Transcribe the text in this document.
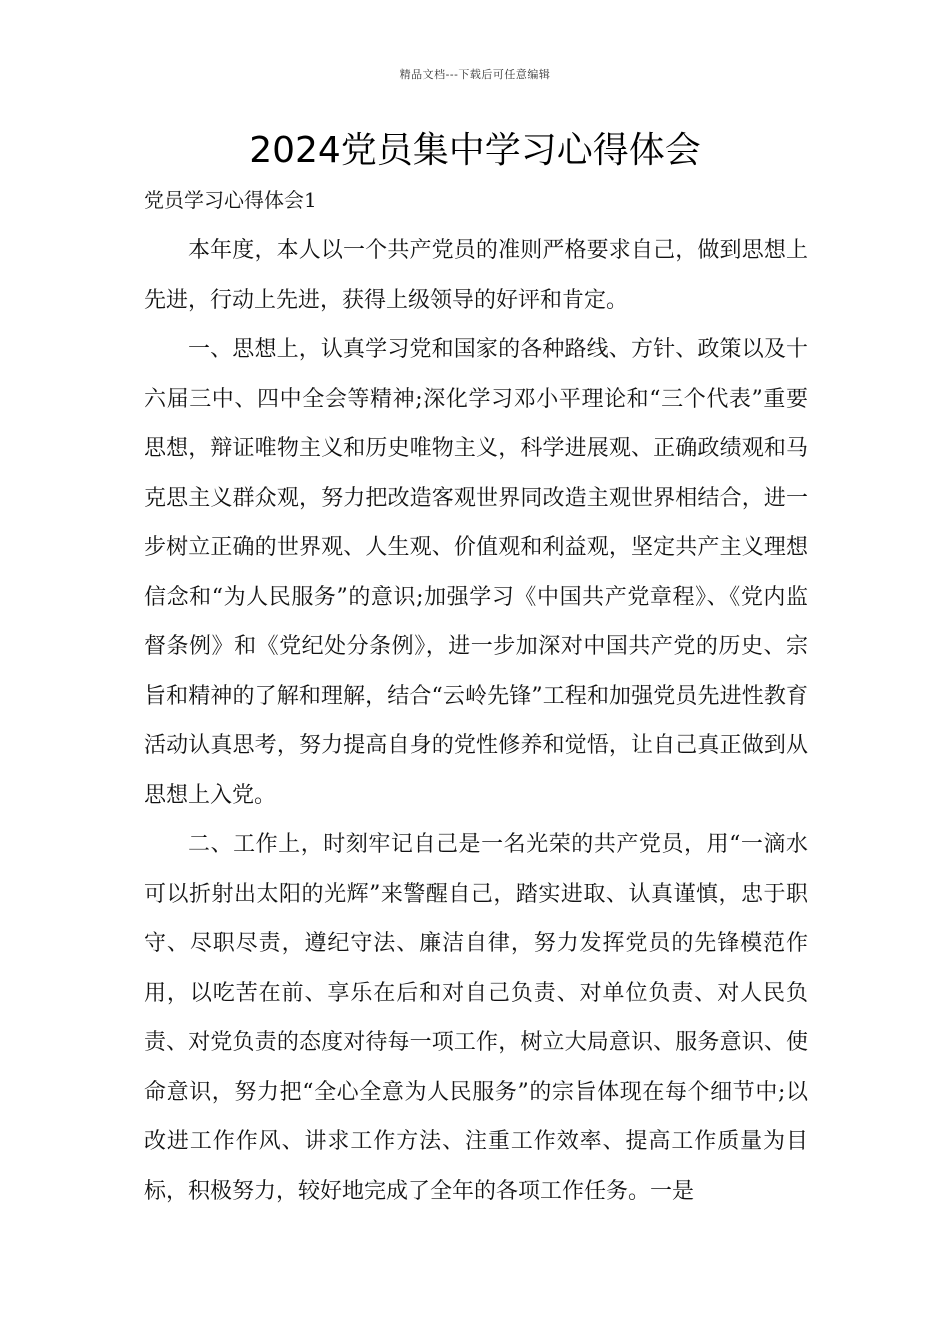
精品文档---下载后可任意编辑
2024党员集中学习心得体会
党员学习心得体会1

本年度，本人以一个共产党员的准则严格要求自己，做到思想上先进，行动上先进，获得上级领导的好评和肯定。

一、思想上，认真学习党和国家的各种路线、方针、政策以及十六届三中、四中全会等精神;深化学习邓小平理论和“三个代表”重要思想，辩证唯物主义和历史唯物主义，科学进展观、正确政绩观和马克思主义群众观，努力把改造客观世界同改造主观世界相结合，进一步树立正确的世界观、人生观、价值观和利益观，坚定共产主义理想信念和“为人民服务”的意识;加强学习《中国共产党章程》、《党内监督条例》和《党纪处分条例》，进一步加深对中国共产党的历史、宗旨和精神的了解和理解，结合“云岭先锋”工程和加强党员先进性教育活动认真思考，努力提高自身的党性修养和觉悟，让自己真正做到从思想上入党。

二、工作上，时刻牢记自己是一名光荣的共产党员，用“一滴水可以折射出太阳的光辉”来警醒自己，踏实进取、认真谨慎，忠于职守、尽职尽责，遵纪守法、廉洁自律，努力发挥党员的先锋模范作用，以吃苦在前、享乐在后和对自己负责、对单位负责、对人民负责、对党负责的态度对待每一项工作，树立大局意识、服务意识、使命意识，努力把“全心全意为人民服务”的宗旨体现在每个细节中;以改进工作作风、讲求工作方法、注重工作效率、提高工作质量为目标，积极努力，较好地完成了全年的各项工作任务。一是
